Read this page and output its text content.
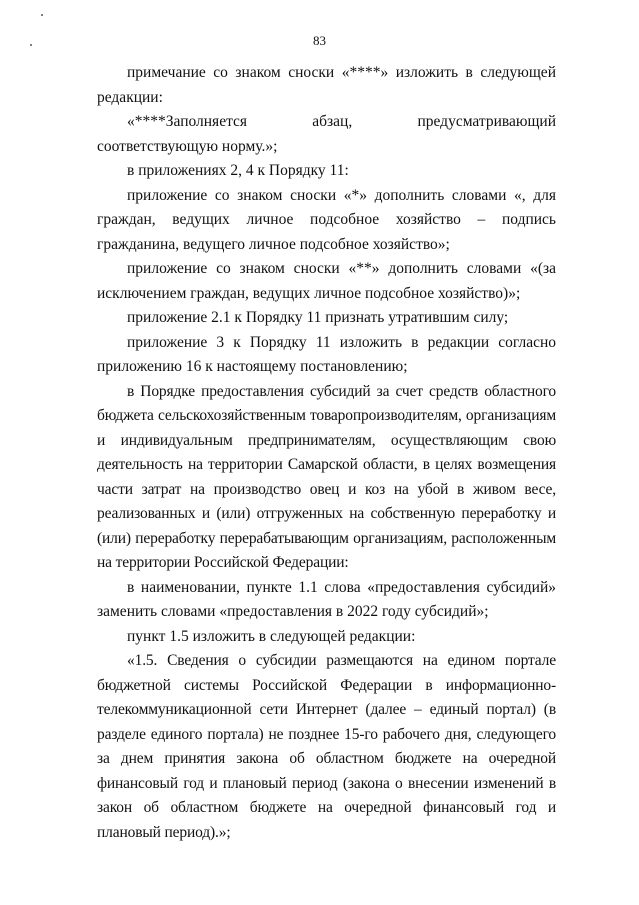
83

примечание со знаком сноски «****» изложить в следующей редакции:

«****Заполняется абзац, предусматривающий соответствующую норму.»;

в приложениях 2, 4 к Порядку 11:

приложение со знаком сноски «*» дополнить словами «, для граждан, ведущих личное подсобное хозяйство – подпись гражданина, ведущего личное подсобное хозяйство»;

приложение со знаком сноски «**» дополнить словами «(за исключением граждан, ведущих личное подсобное хозяйство)»;

приложение 2.1 к Порядку 11 признать утратившим силу;

приложение 3 к Порядку 11 изложить в редакции согласно приложению 16 к настоящему постановлению;

в Порядке предоставления субсидий за счет средств областного бюджета сельскохозяйственным товаропроизводителям, организациям и индивидуальным предпринимателям, осуществляющим свою деятельность на территории Самарской области, в целях возмещения части затрат на производство овец и коз на убой в живом весе, реализованных и (или) отгруженных на собственную переработку и (или) переработку перерабатывающим организациям, расположенным на территории Российской Федерации:

в наименовании, пункте 1.1 слова «предоставления субсидий» заменить словами «предоставления в 2022 году субсидий»;

пункт 1.5 изложить в следующей редакции:

«1.5. Сведения о субсидии размещаются на едином портале бюджетной системы Российской Федерации в информационно-телекоммуникационной сети Интернет (далее – единый портал) (в разделе единого портала) не позднее 15-го рабочего дня, следующего за днем принятия закона об областном бюджете на очередной финансовый год и плановый период (закона о внесении изменений в закон об областном бюджете на очередной финансовый год и плановый период).»;
